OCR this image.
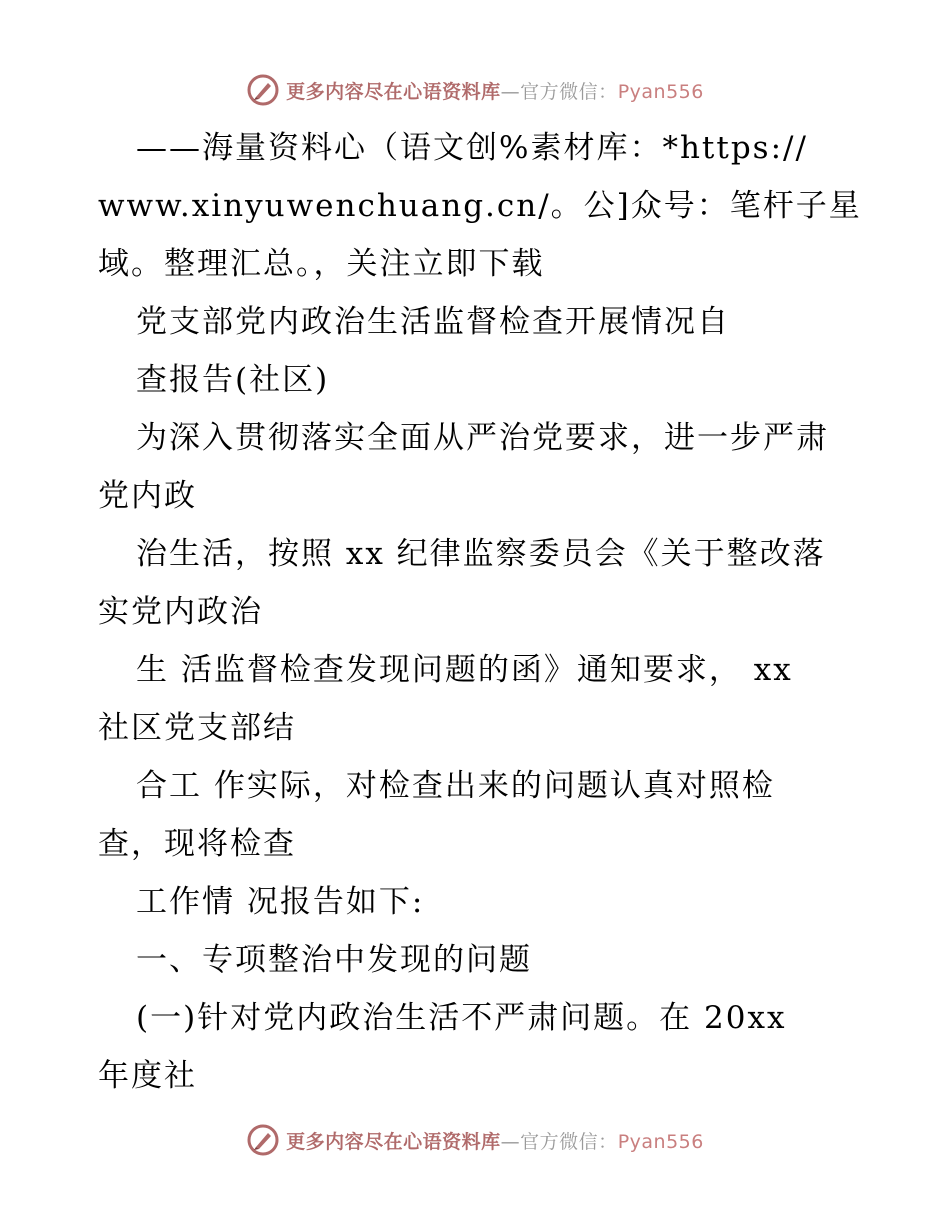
更多内容尽在心语资料库—官方微信：Pyan556
——海量资料心（语文创%素材库：*https://
www.xinyuwenchuang.cn/。公]众号：笔杆子星
域。整理汇总。，关注立即下载
党支部党内政治生活监督检查开展情况自
查报告(社区)
为深入贯彻落实全面从严治党要求，进一步严肃
党内政
治生活，按照 xx 纪律监察委员会《关于整改落
实党内政治
生 活监督检查发现问题的函》通知要求， xx
社区党支部结
合工 作实际，对检查出来的问题认真对照检
查，现将检查
工作情 况报告如下:
一、专项整治中发现的问题
(一)针对党内政治生活不严肃问题。在 20xx
年度社
更多内容尽在心语资料库—官方微信：Pyan556
